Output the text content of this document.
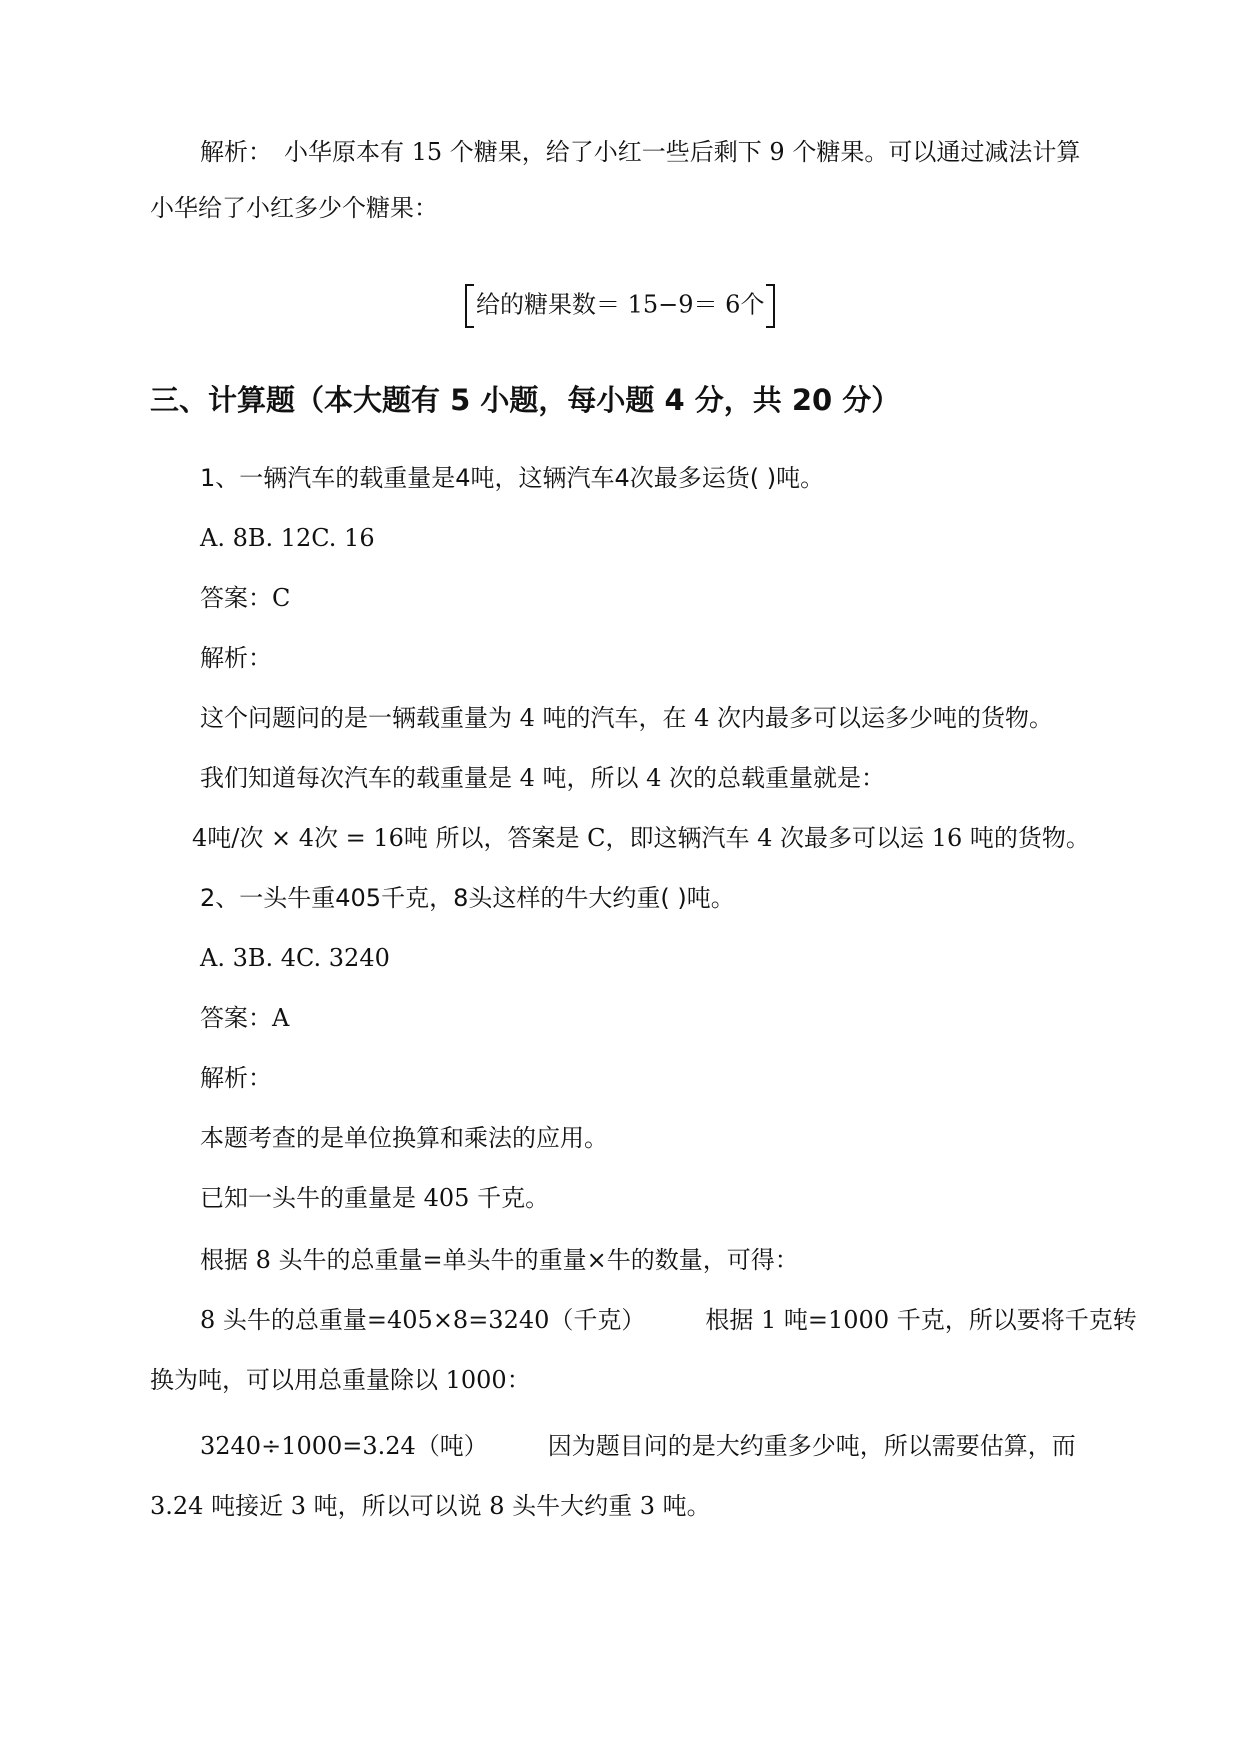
解析：　小华原本有 15 个糖果，给了小红一些后剩下 9 个糖果。可以通过减法计算
小华给了小红多少个糖果：
给的糖果数＝ 15−9＝ 6个
三、计算题（本大题有 5 小题，每小题 4 分，共 20 分）
1、一辆汽车的载重量是4吨，这辆汽车4次最多运货( )吨。
A. 8B. 12C. 16
答案：C
解析：
这个问题问的是一辆载重量为 4 吨的汽车，在 4 次内最多可以运多少吨的货物。
我们知道每次汽车的载重量是 4 吨，所以 4 次的总载重量就是：
4吨/次 × 4次 = 16吨 所以，答案是 C，即这辆汽车 4 次最多可以运 16 吨的货物。
2、一头牛重405千克，8头这样的牛大约重( )吨。
A. 3B. 4C. 3240
答案：A
解析：
本题考查的是单位换算和乘法的应用。
已知一头牛的重量是 405 千克。
根据 8 头牛的总重量=单头牛的重量×牛的数量，可得：
8 头牛的总重量=405×8=3240（千克）　　　根据 1 吨=1000 千克，所以要将千克转
换为吨，可以用总重量除以 1000：
3240÷1000=3.24（吨）　　　因为题目问的是大约重多少吨，所以需要估算，而
3.24 吨接近 3 吨，所以可以说 8 头牛大约重 3 吨。
